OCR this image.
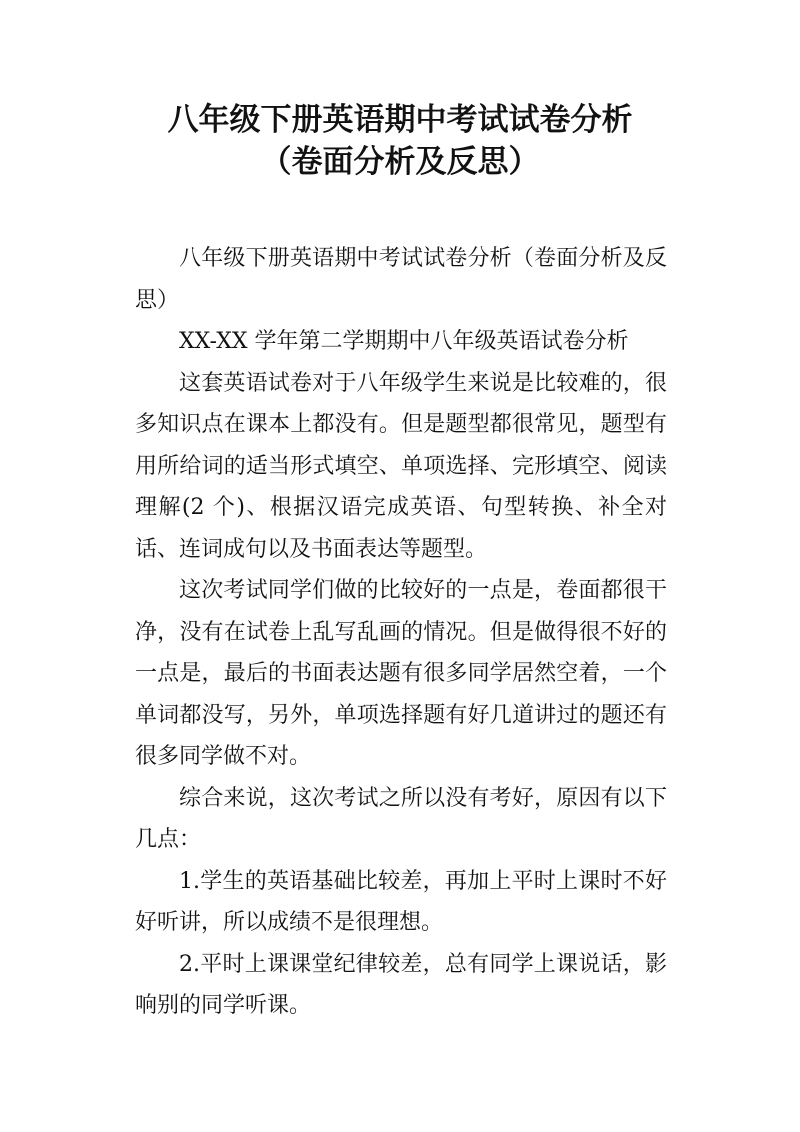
八年级下册英语期中考试试卷分析
（卷面分析及反思）

八年级下册英语期中考试试卷分析（卷面分析及反思）

XX-XX 学年第二学期期中八年级英语试卷分析

这套英语试卷对于八年级学生来说是比较难的，很多知识点在课本上都没有。但是题型都很常见，题型有用所给词的适当形式填空、单项选择、完形填空、阅读理解(2 个)、根据汉语完成英语、句型转换、补全对话、连词成句以及书面表达等题型。

这次考试同学们做的比较好的一点是，卷面都很干净，没有在试卷上乱写乱画的情况。但是做得很不好的一点是，最后的书面表达题有很多同学居然空着，一个单词都没写，另外，单项选择题有好几道讲过的题还有很多同学做不对。

综合来说，这次考试之所以没有考好，原因有以下几点：

1.学生的英语基础比较差，再加上平时上课时不好好听讲，所以成绩不是很理想。

2.平时上课课堂纪律较差，总有同学上课说话，影响别的同学听课。
